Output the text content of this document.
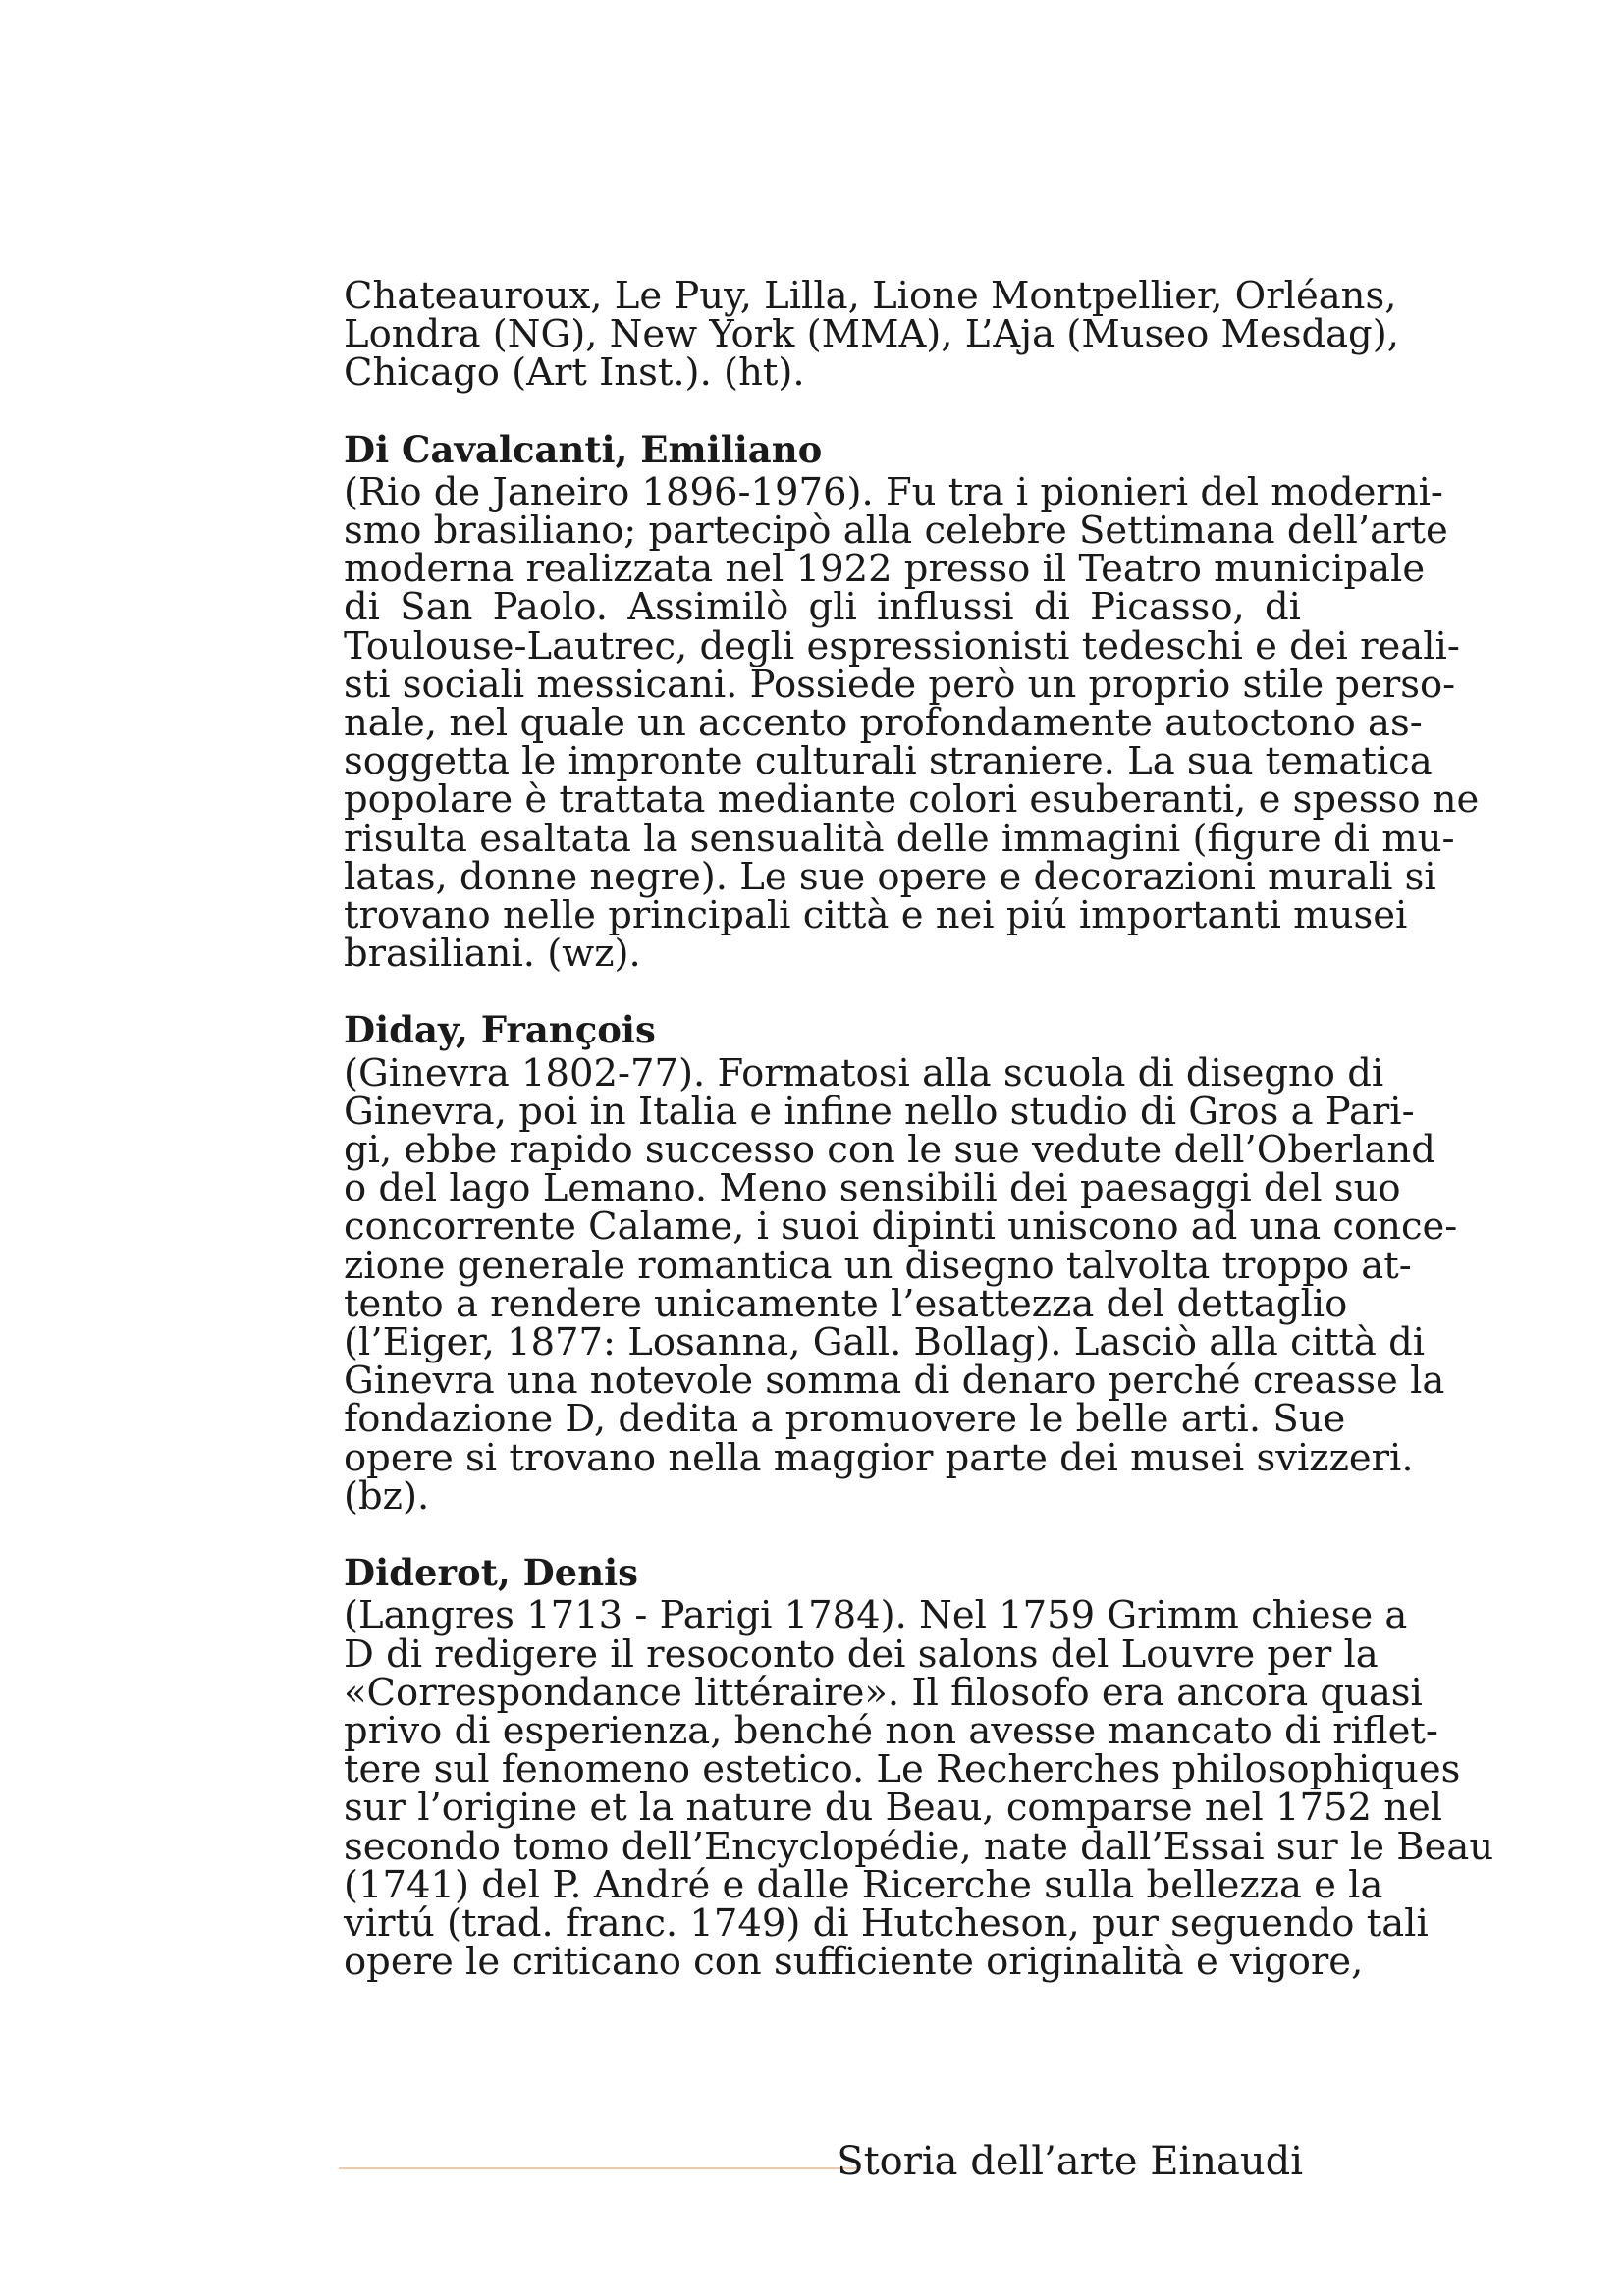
Chateauroux, Le Puy, Lilla, Lione Montpellier, Orléans,
Londra (NG), New York (MMA), L’Aja (Museo Mesdag),
Chicago (Art Inst.). (ht).
Di Cavalcanti, Emiliano
(Rio de Janeiro 1896-1976). Fu tra i pionieri del moderni-
smo brasiliano; partecipò alla celebre Settimana dell’arte
moderna realizzata nel 1922 presso il Teatro municipale
di San Paolo. Assimilò gli influssi di Picasso, di
Toulouse-Lautrec, degli espressionisti tedeschi e dei reali-
sti sociali messicani. Possiede però un proprio stile perso-
nale, nel quale un accento profondamente autoctono as-
soggetta le impronte culturali straniere. La sua tematica
popolare è trattata mediante colori esuberanti, e spesso ne
risulta esaltata la sensualità delle immagini (figure di mu-
latas, donne negre). Le sue opere e decorazioni murali si
trovano nelle principali città e nei piú importanti musei
brasiliani. (wz).
Diday, François
(Ginevra 1802-77). Formatosi alla scuola di disegno di
Ginevra, poi in Italia e infine nello studio di Gros a Pari-
gi, ebbe rapido successo con le sue vedute dell’Oberland
o del lago Lemano. Meno sensibili dei paesaggi del suo
concorrente Calame, i suoi dipinti uniscono ad una conce-
zione generale romantica un disegno talvolta troppo at-
tento a rendere unicamente l’esattezza del dettaglio
(l’Eiger, 1877: Losanna, Gall. Bollag). Lasciò alla città di
Ginevra una notevole somma di denaro perché creasse la
fondazione D, dedita a promuovere le belle arti. Sue
opere si trovano nella maggior parte dei musei svizzeri.
(bz).
Diderot, Denis
(Langres 1713 - Parigi 1784). Nel 1759 Grimm chiese a
D di redigere il resoconto dei salons del Louvre per la
«Correspondance littéraire». Il filosofo era ancora quasi
privo di esperienza, benché non avesse mancato di riflet-
tere sul fenomeno estetico. Le Recherches philosophiques
sur l’origine et la nature du Beau, comparse nel 1752 nel
secondo tomo dell’Encyclopédie, nate dall’Essai sur le Beau
(1741) del P. André e dalle Ricerche sulla bellezza e la
virtú (trad. franc. 1749) di Hutcheson, pur seguendo tali
opere le criticano con sufficiente originalità e vigore,
Storia dell’arte Einaudi
